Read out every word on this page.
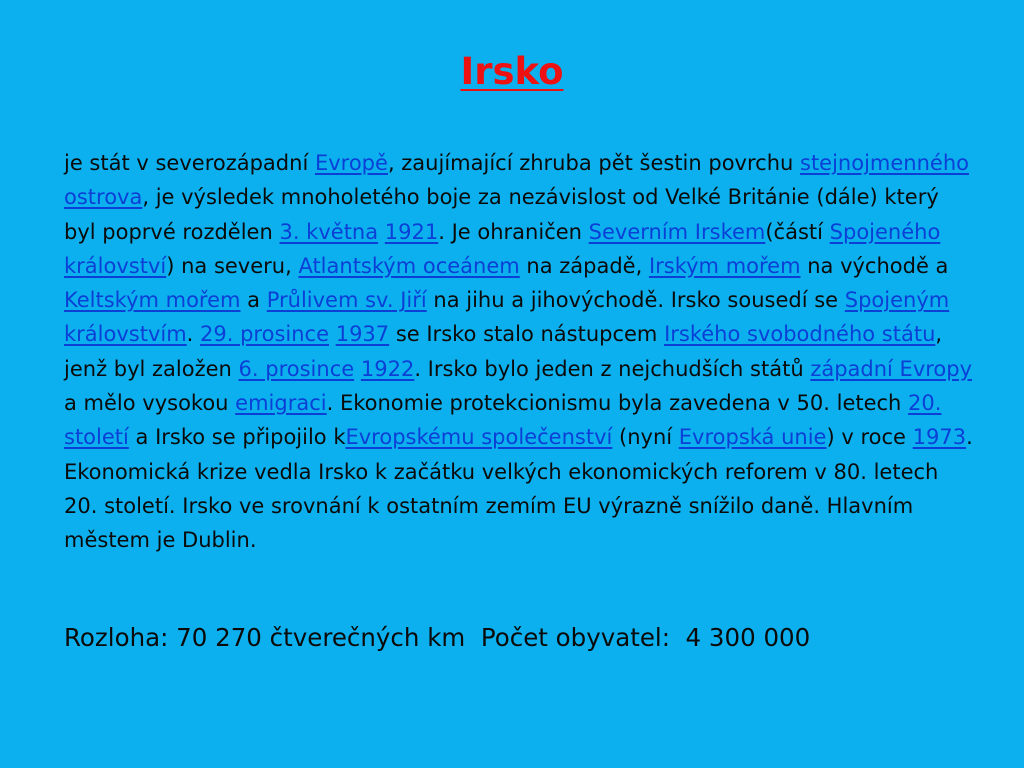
Irsko
je stát v severozápadní Evropě, zaujímající zhruba pět šestin povrchu stejnojmenného ostrova, je výsledek mnoholetého boje za nezávislost od Velké Británie (dále) který byl poprvé rozdělen 3. května 1921. Je ohraničen Severním Irskem(částí Spojeného království) na severu, Atlantským oceánem na západě, Irským mořem na východě a Keltským mořem a Průlivem sv. Jiří na jihu a jihovýchodě. Irsko sousedí se Spojeným královstvím. 29. prosince 1937 se Irsko stalo nástupcem Irského svobodného státu, jenž byl založen 6. prosince 1922. Irsko bylo jeden z nejchudších států západní Evropy a mělo vysokou emigraci. Ekonomie protekcionismu byla zavedena v 50. letech 20. století a Irsko se připojilo kEvropskému společenství (nyní Evropská unie) v roce 1973. Ekonomická krize vedla Irsko k začátku velkých ekonomických reforem v 80. letech 20. století. Irsko ve srovnání k ostatním zemím EU výrazně snížilo daně. Hlavním městem je Dublin.
Rozloha: 70 270 čtverečných km  Počet obyvatel:  4 300 000
